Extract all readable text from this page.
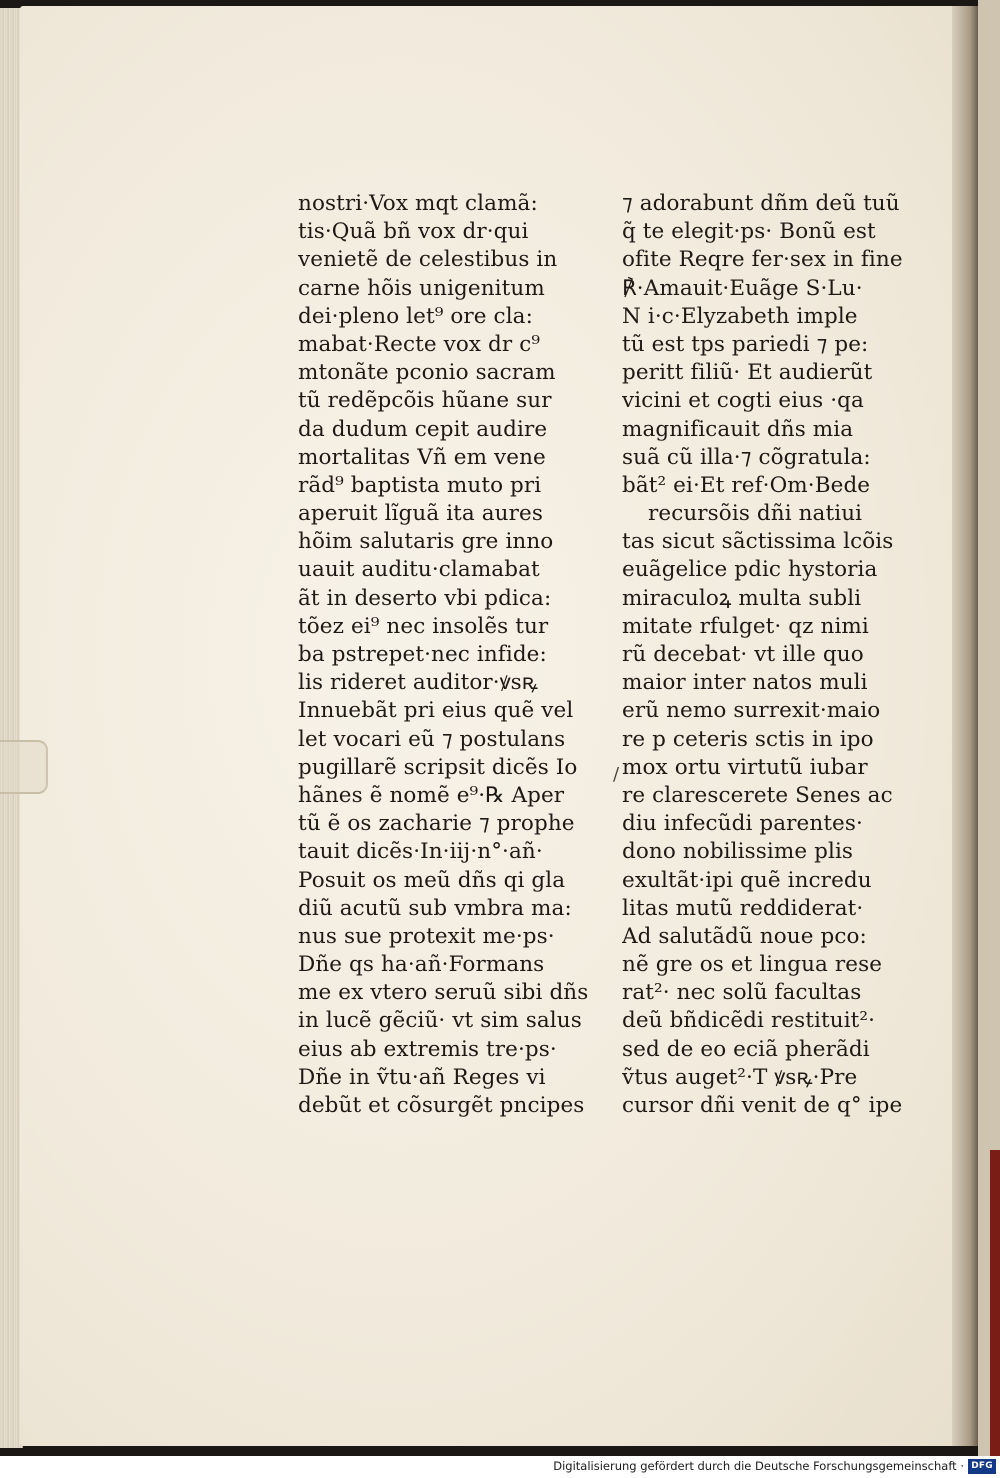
nostri·Vox mqt clamã:
tis·Quã bñ vox dr·qui
venietẽ de celestibus in
carne hõis unigenitum
dei·pleno let⁹ ore cla:
mabat·Recte vox dr c⁹
mtonãte pconio sacram
tũ redẽpcõis hũane sur
da dudum cepit audire
mortalitas Vñ em vene
rãd⁹ baptista muto pri
aperuit lĩguã ita aures
hõim salutaris gre inno
uauit auditu·clamabat
ãt in deserto vbi pdica:
tõez ei⁹ nec insolẽs tur
ba pstrepet·nec infide:
lis rideret auditor·ꝟsꝶ
Innuebãt pri eius quẽ vel
let vocari eũ ⁊ postulans
pugillarẽ scripsit dicẽs Io
hãnes ẽ nomẽ e⁹·℞ Aper
tũ ẽ os zacharie ⁊ prophe
tauit dicẽs·In·iij·n°·añ·
Posuit os meũ dñs qi gla
diũ acutũ sub vmbra ma:
nus sue protexit me·ps·
Dñe qs ha·añ·Formans
me ex vtero seruũ sibi dñs
in lucẽ gẽciũ· vt sim salus
eius ab extremis tre·ps·
Dñe in ṽtu·añ Reges vi
debũt et cõsurgẽt pncipes
⁊ adorabunt dñm deũ tuũ
q̃ te elegit·ps· Bonũ est
ofite Reqre fer·sex in fine
℟·Amauit·Euãge S·Lu·
N i·c·Elyzabeth imple
tũ est tps pariedi ⁊ pe:
peritt filiũ· Et audierũt
vicini et cogti eius ·qa
magnificauit dñs mia
suã cũ illa·⁊ cõgratula:
bãt² ei·Et ref·Om·Bede
recursõis dñi natiui
tas sicut sãctissima lcõis
euãgelice pdic hystoria
miraculoꝝ multa subli
mitate rfulget· qz nimi
rũ decebat· vt ille quo
maior inter natos muli
erũ nemo surrexit·maio
re p ceteris sctis in ipo
mox ortu virtutũ iubar
re clarescerete Senes ac
diu infecũdi parentes·
dono nobilissime plis
exultãt·ipi quẽ incredu
litas mutũ reddiderat·
Ad salutãdũ noue pco:
nẽ gre os et lingua rese
rat²· nec solũ facultas
deũ bñdicẽdi restituit²·
sed de eo eciã pherãdi
ṽtus auget²·T ꝟsꝶ·Pre
cursor dñi venit de q° ipe
/
Digitalisierung gefördert durch die Deutsche Forschungsgemeinschaft · DFG
